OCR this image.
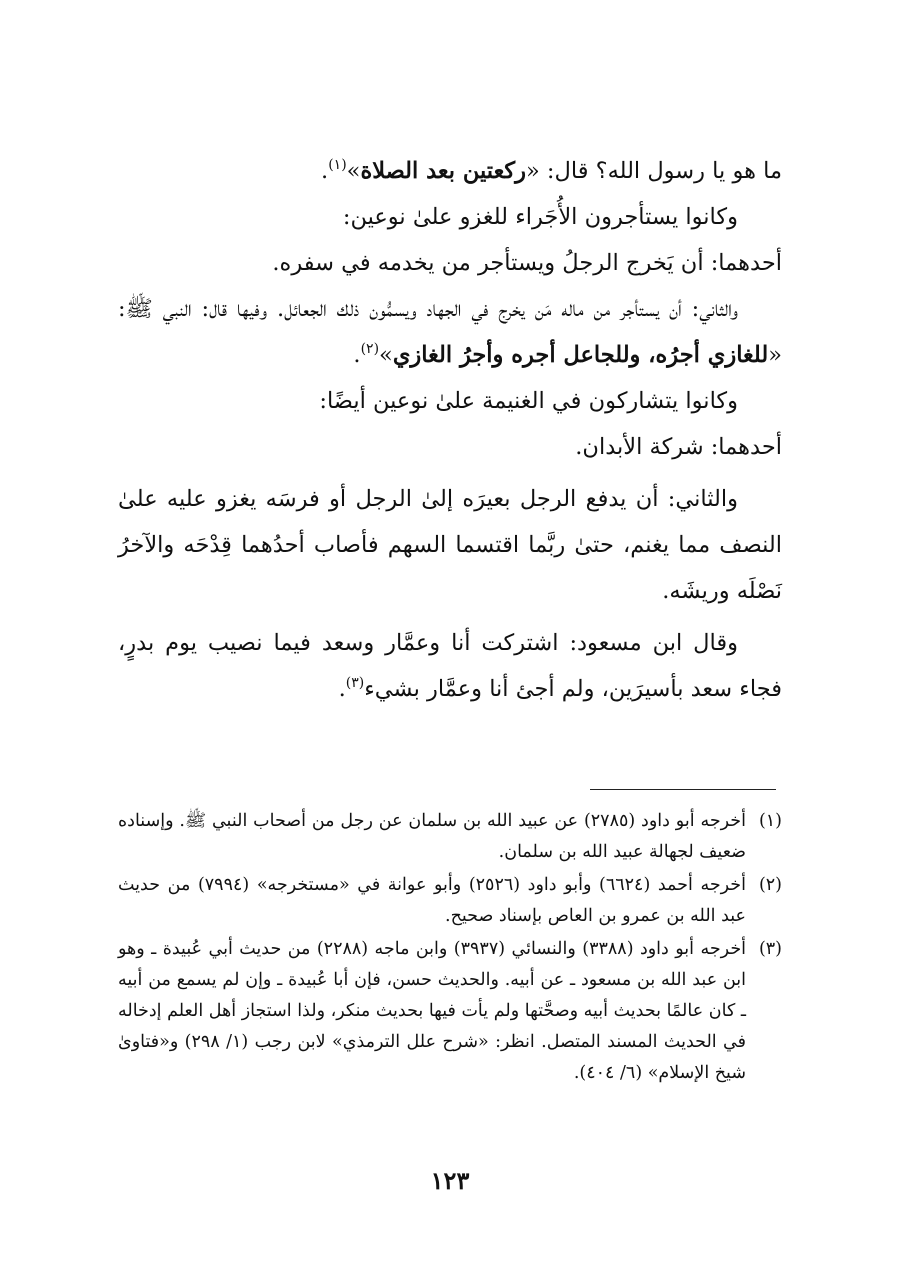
ما هو يا رسول الله؟ قال: «ركعتين بعد الصلاة»$^{(١)}$.

وكانوا يستأجرون الأُجَراء للغزو علىٰ نوعين:

أحدهما: أن يَخرج الرجلُ ويستأجر من يخدمه في سفره.

والثاني: أن يستأجر من ماله مَن يخرج في الجهاد ويسمُّون ذلك الجعائل. وفيها قال: النبي ﷺ: «للغازي أجرُه، وللجاعل أجره وأجرُ الغازي»$^{(٢)}$.

وكانوا يتشاركون في الغنيمة علىٰ نوعين أيضًا:

أحدهما: شركة الأبدان.

والثاني: أن يدفع الرجل بعيرَه إلىٰ الرجل أو فرسَه يغزو عليه علىٰ النصف مما يغنم، حتىٰ ربَّما اقتسما السهم فأصاب أحدُهما قِدْحَه والآخرُ نَصْلَه وريشَه.

وقال ابن مسعود: اشتركت أنا وعمَّار وسعد فيما نصيب يوم بدرٍ، فجاء سعد بأسيرَين، ولم أجئ أنا وعمَّار بشيء$^{(٣)}$.

(١)
أخرجه أبو داود (٢٧٨٥) عن عبيد الله بن سلمان عن رجل من أصحاب النبي ﷺ. وإسناده ضعيف لجهالة عبيد الله بن سلمان.
(٢)
أخرجه أحمد (٦٦٢٤) وأبو داود (٢٥٢٦) وأبو عوانة في «مستخرجه» (٧٩٩٤) من حديث عبد الله بن عمرو بن العاص بإسناد صحيح.
(٣)
أخرجه أبو داود (٣٣٨٨) والنسائي (٣٩٣٧) وابن ماجه (٢٢٨٨) من حديث أبي عُبيدة ـ وهو ابن عبد الله بن مسعود ـ عن أبيه. والحديث حسن، فإن أبا عُبيدة ـ وإن لم يسمع من أبيه ـ كان عالمًا بحديث أبيه وصحَّتها ولم يأت فيها بحديث منكر، ولذا استجاز أهل العلم إدخاله في الحديث المسند المتصل. انظر: «شرح علل الترمذي» لابن رجب (١/ ٢٩٨) و«فتاوىٰ شيخ الإسلام» (٦/ ٤٠٤).
١٢٣
